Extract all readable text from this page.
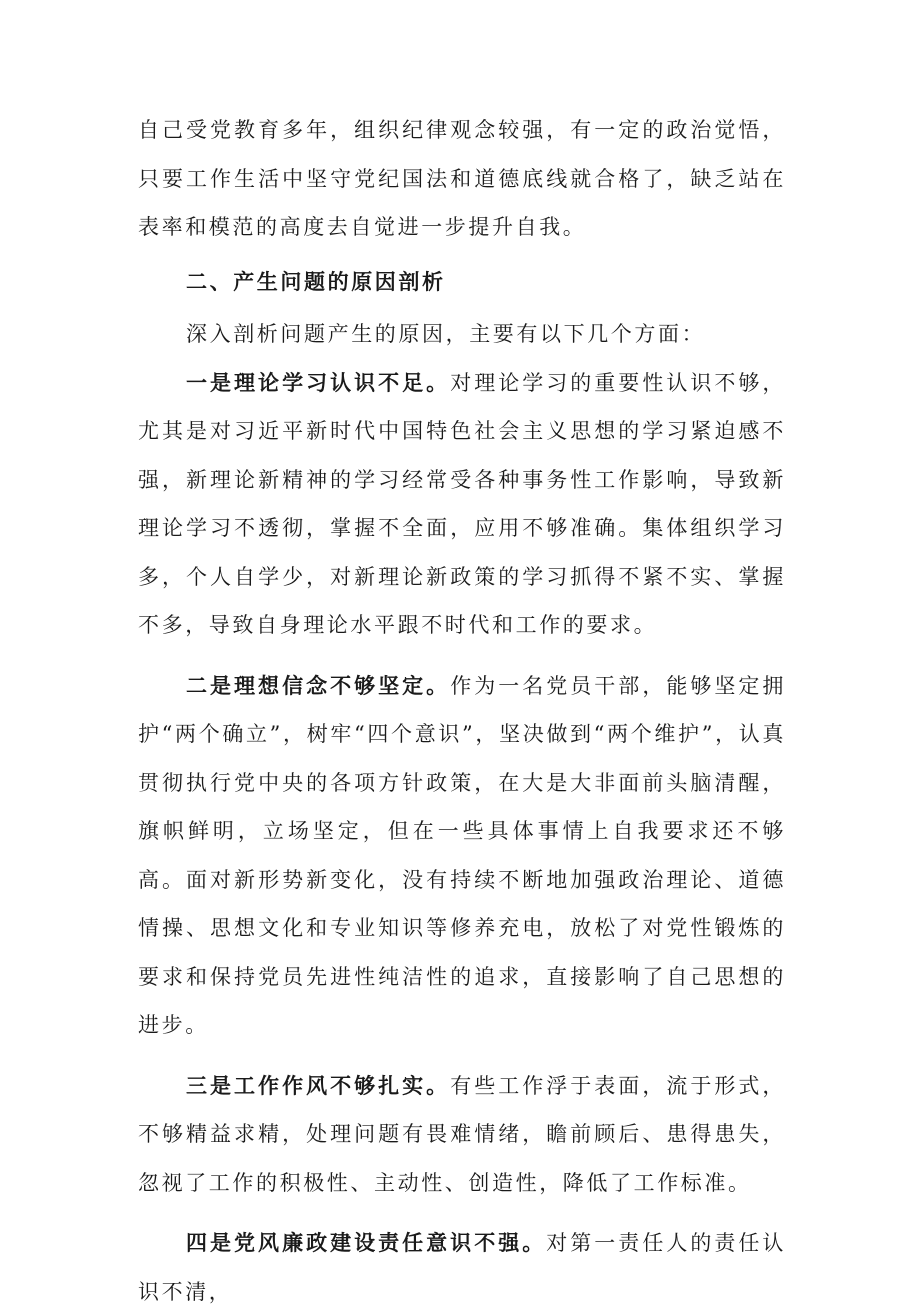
自己受党教育多年，组织纪律观念较强，有一定的政治觉悟，只要工作生活中坚守党纪国法和道德底线就合格了，缺乏站在表率和模范的高度去自觉进一步提升自我。

二、产生问题的原因剖析

深入剖析问题产生的原因，主要有以下几个方面：

一是理论学习认识不足。对理论学习的重要性认识不够，尤其是对习近平新时代中国特色社会主义思想的学习紧迫感不强，新理论新精神的学习经常受各种事务性工作影响，导致新理论学习不透彻，掌握不全面，应用不够准确。集体组织学习多，个人自学少，对新理论新政策的学习抓得不紧不实、掌握不多，导致自身理论水平跟不时代和工作的要求。

二是理想信念不够坚定。作为一名党员干部，能够坚定拥护“两个确立”，树牢“四个意识”，坚决做到“两个维护”，认真贯彻执行党中央的各项方针政策，在大是大非面前头脑清醒，旗帜鲜明，立场坚定，但在一些具体事情上自我要求还不够高。面对新形势新变化，没有持续不断地加强政治理论、道德情操、思想文化和专业知识等修养充电，放松了对党性锻炼的要求和保持党员先进性纯洁性的追求，直接影响了自己思想的进步。

三是工作作风不够扎实。有些工作浮于表面，流于形式，不够精益求精，处理问题有畏难情绪，瞻前顾后、患得患失，忽视了工作的积极性、主动性、创造性，降低了工作标准。

四是党风廉政建设责任意识不强。对第一责任人的责任认识不清，
